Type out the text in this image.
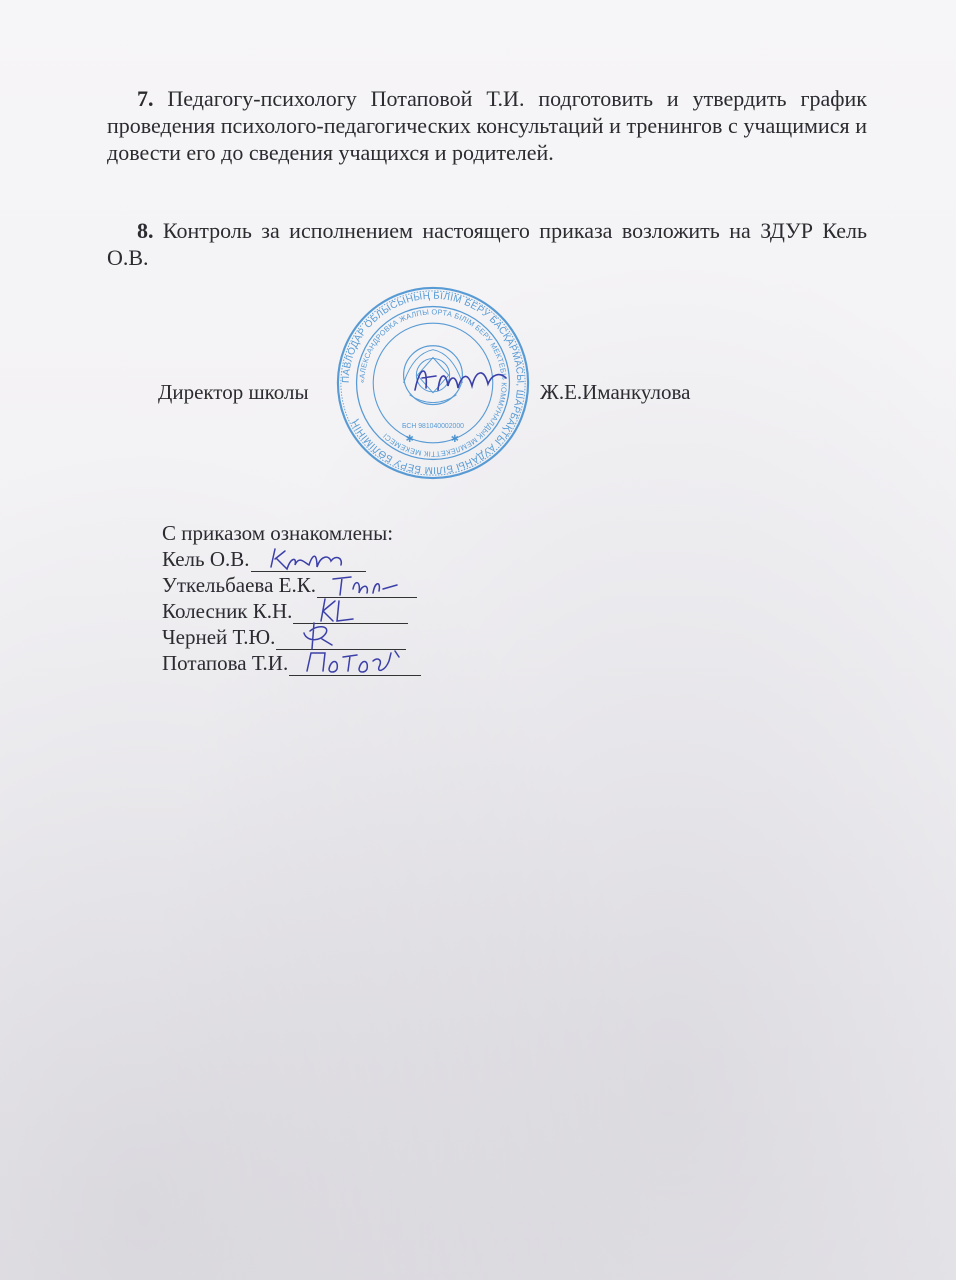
7. Педагогу-психологу Потаповой Т.И. подготовить и утвердить график проведения психолого-педагогических консультаций и тренингов с учащимися и довести его до сведения учащихся и родителей.

8. Контроль за исполнением настоящего приказа возложить на ЗДУР Кель О.В.

Директор школы	Ж.Е.Иманкулова
ПАВЛОДАР ОБЛЫСЫНЫҢ БІЛІМ БЕРУ БАСҚАРМАСЫ, ШАРБАҚТЫ АУДАНЫ БІЛІМ БЕРУ БӨЛІМІНІҢ
«АЛЕКСАНДРОВКА ЖАЛПЫ ОРТА БІЛІМ БЕРУ МЕКТЕБІ» КОММУНАЛДЫҚ МЕМЛЕКЕТТІК МЕКЕМЕСІ
БСН 981040002000
✱	✱
С приказом ознакомлены:
Кель О.В.
Уткельбаева Е.К.
Колесник К.Н.
Черней Т.Ю.
Потапова Т.И.
